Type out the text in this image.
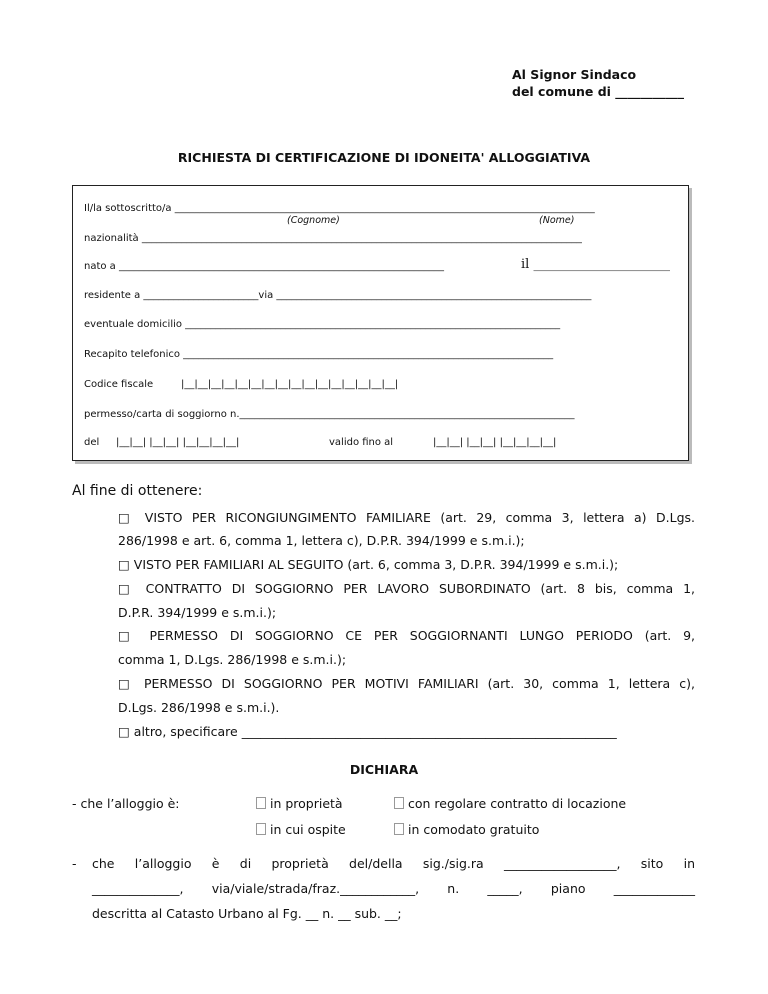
Al Signor Sindaco
del comune di ___________
RICHIESTA DI CERTIFICAZIONE DI IDONEITA' ALLOGGIATIVA
Il/la sottoscritto/a ____________________________________________________________________________________
(Cognome)	(Nome)
nazionalità ________________________________________________________________________________________
nato a _________________________________________________________________	il _____________________
residente a _______________________via _______________________________________________________________
eventuale domicilio ___________________________________________________________________________
Recapito telefonico __________________________________________________________________________
Codice fiscale	|__|__|__|__|__|__|__|__|__|__|__|__|__|__|__|__|
permesso/carta di soggiorno n.___________________________________________________________________
del |__|__| |__|__| |__|__|__|__|	valido fino al	|__|__| |__|__| |__|__|__|__|
Al fine di ottenere:
□ VISTO PER RICONGIUNGIMENTO FAMILIARE (art. 29, comma 3, lettera a) D.Lgs.
286/1998 e art. 6, comma 1, lettera c), D.P.R. 394/1999 e s.m.i.);
□ VISTO PER FAMILIARI AL SEGUITO (art. 6, comma 3, D.P.R. 394/1999 e s.m.i.);
□ CONTRATTO DI SOGGIORNO PER LAVORO SUBORDINATO (art. 8 bis, comma 1,
D.P.R. 394/1999 e s.m.i.);
□ PERMESSO DI SOGGIORNO CE PER SOGGIORNANTI LUNGO PERIODO (art. 9,
comma 1, D.Lgs. 286/1998 e s.m.i.);
□ PERMESSO DI SOGGIORNO PER MOTIVI FAMILIARI (art. 30, comma 1, lettera c),
D.Lgs. 286/1998 e s.m.i.).
□ altro, specificare ____________________________________________________________
DICHIARA
- che l’alloggio è:	in proprietà	con regolare contratto di locazione
in cui ospite	in comodato gratuito
- che l’alloggio è di proprietà del/della sig./sig.ra __________________, sito in
______________, via/viale/strada/fraz.____________, n. _____, piano _____________
descritta al Catasto Urbano al Fg. __ n. __ sub. __;
